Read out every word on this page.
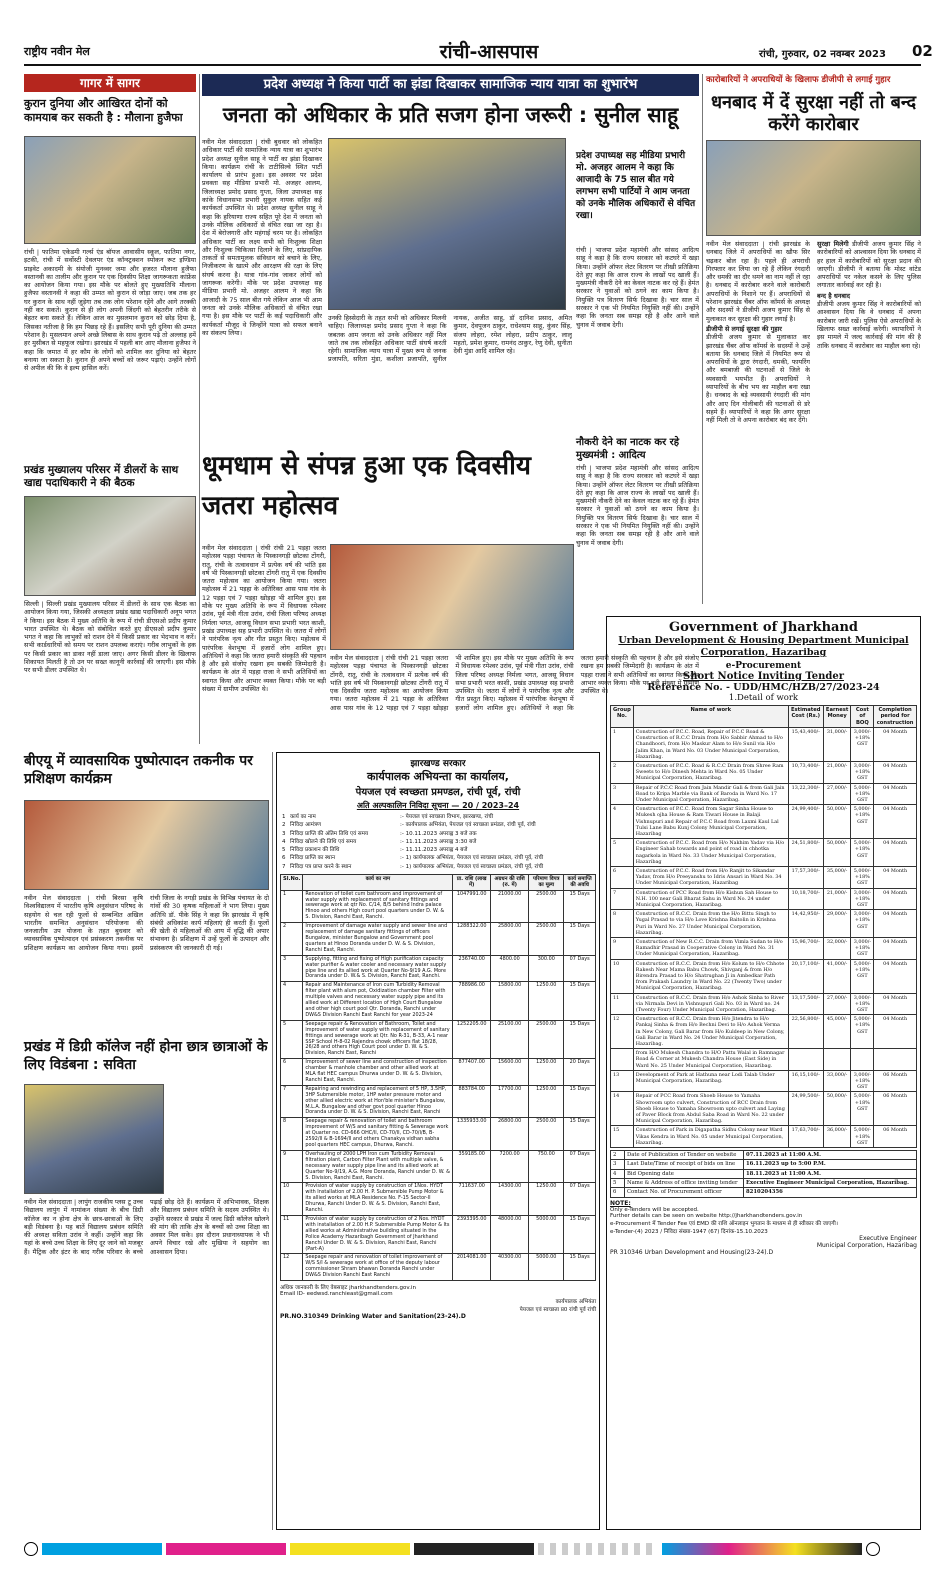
राष्ट्रीय नवीन मेल	रांची-आसपास	रांची, गुरुवार, 02 नवम्बर 2023 02
गागर में सागर
कुरान दुनिया और आखिरत दोनों को कामयाब कर सकती है : मौलाना हुजैफा
रांची | फातिमा एकेडमी गर्ल्स एंड बॉयज आवासीय स्कूल, फातिमा नगर, इटकी, रांची में सर्वोस्टी देवलपर एंड कॉन्स्ट्रक्शन स्पोकन रूट इण्डिया प्राइवेट अकादमी के संयोजी मुनव्वर जमा और हजरत मौलाना हुजैफा वस्तानवी का तालीम और कुरान पर एक दिवसीय शिक्षा जागरूकता कांफ्रेंस का आयोजन किया गया। इस मौके पर बोलते हुए मुख्यातिथि मौलाना हुजैफा वस्तानवी ने कहा की उम्मत को कुरान से जोड़ा जाए। जब तक हर घर कुरान के साथ नहीं जुड़ेगा तब तक लोग परेशान रहेंगे और आगे तरक्की नहीं कर सकते। कुरान से ही लोग अपनी जिंदगी को बेहतरीन तरीके से बेहतर बना सकते हैं। लेकिन आज का मुसलमान कुरान को छोड़ दिया है, जिसका नतीजा है कि हम पिछड़ रहे हैं। इसलिए सभी पूरी दुनिया की उम्मत परेशान है। मुसलमान अपने अच्छे लिबास के साथ कुरान पढ़े तो अल्लाह हमें हर मुसीबत से महफूज रखेगा। झारखंड में पहली बार आए मौलाना हुजैफा ने कहा कि जमात में हर कौम के लोगों को शामिल कर दुनिया को बेहतर बनाया जा सकता है। कुरान ही अपने बच्चों को जरूर पढ़ाएं। उन्होंने लोगों से अपील की कि वे इल्म हासिल करें।
प्रखंड मुख्यालय परिसर में डीलरों के साथ खाद्य पदाधिकारी ने की बैठक
सिल्ली | सिल्ली प्रखंड मुख्यालय परिसर में डीलरों के साथ एक बैठक का आयोजन किया गया, जिसकी अध्यक्षता प्रखंड खाद्य पदाधिकारी अनूप भगत ने किया। इस बैठक में मुख्य अतिथि के रूप में रांची डीएसओ प्रदीप कुमार भारत उपस्थित थे। बैठक को संबोधित करते हुए डीएसओ प्रदीप कुमार भगत ने कहा कि लाभुकों को राशन देने में किसी प्रकार का भेदभाव न करें। सभी कार्डधारियों को समय पर राशन उपलब्ध कराएं। गरीब लाभुकों के हक पर किसी प्रकार का डाका नहीं डाला जाए। अगर किसी डीलर के खिलाफ शिकायत मिलती है तो उन पर सख्त कानूनी कार्रवाई की जाएगी। इस मौके पर सभी डीलर उपस्थित थे।
बीएयू में व्यावसायिक पुष्पोत्पादन तकनीक पर प्रशिक्षण कार्यक्रम
नवीन मेल संवाददाता | रांची बिरसा कृषि विश्वविद्यालय में भारतीय कृषि अनुसंधान परिषद के सहयोग से चल रही फूलों से सम्बन्धित अखिल भारतीय समन्वित अनुसंधान परियोजना की जनजातीय उप योजना के तहत बुधवार को व्यावसायिक पुष्पोत्पादन एवं प्रसंस्करण तकनीक पर प्रशिक्षण कार्यक्रम का आयोजन किया गया। इसमें रांची जिला के नगड़ी प्रखंड के विभिन्न पंचायत के दो गांवों की 30 कृषक महिलाओं ने भाग लिया। मुख्य अतिथि डॉ. पीके सिंह ने कहा कि झारखंड में कृषि संबंधी अधिकांश कार्य महिलाएं ही करती हैं। फूलों की खेती से महिलाओं की आय में वृद्धि की अपार संभावना है। प्रशिक्षण में उन्हें फूलों के उत्पादन और प्रसंस्करण की जानकारी दी गई।
प्रखंड में डिग्री कॉलेज नहीं होना छात्र छात्राओं के लिए विडंबना : सविता
नवीन मेल संवाददाता | लापुंग राजकीय प्लस टू उच्च विद्यालय लापुंग में नामांकन संख्या के बीच डिग्री कॉलेज का न होना क्षेत्र के छात्र-छात्राओं के लिए बड़ी विडंबना है। यह बातें विद्यालय प्रबंधन समिति की अध्यक्ष सविता उरांव ने कहीं। उन्होंने कहा कि यहां के बच्चे उच्च शिक्षा के लिए दूर जाने को मजबूर हैं। मैट्रिक और इंटर के बाद गरीब परिवार के बच्चे पढ़ाई छोड़ देते हैं। कार्यक्रम में अभिभावक, शिक्षक और विद्यालय प्रबंधन समिति के सदस्य उपस्थित थे। उन्होंने सरकार से प्रखंड में जल्द डिग्री कॉलेज खोलने की मांग की ताकि क्षेत्र के बच्चों को उच्च शिक्षा का अवसर मिल सके। इस दौरान प्रधानाध्यापक ने भी अपने विचार रखे और मुखिया ने सहयोग का आश्वासन दिया।
प्रदेश अध्यक्ष ने किया पार्टी का झंडा दिखाकर सामाजिक न्याय यात्रा का शुभारंभ
जनता को अधिकार के प्रति सजग होना जरूरी : सुनील साहू
नवीन मेल संवाददाता | रांची बुधवार को लोकहित अधिकार पार्टी की सामाजिक न्याय यात्रा का शुभारंभ प्रदेश अध्यक्ष सुनील साहू ने पार्टी का झंडा दिखाकर किया। कार्यक्रम रांची के टाटीसिल्वे स्थित पार्टी कार्यालय से प्रारंभ हुआ। इस अवसर पर प्रदेश प्रवक्ता सह मीडिया प्रभारी मो. अजहर आलम, जिलाध्यक्ष प्रमोद प्रसाद गुप्ता, जिला उपाध्यक्ष सह कांके विधानसभा प्रभारी सुकुल नायक सहित कई कार्यकर्ता उपस्थित थे। प्रदेश अध्यक्ष सुनील साहू ने कहा कि हरियाणा राज्य सहित पूरे देश में जनता को उनके मौलिक अधिकारों से वंचित रखा जा रहा है। देश में बेरोजगारी और महंगाई चरम पर है। लोकहित अधिकार पार्टी का लक्ष्य सभी को निःशुल्क शिक्षा और निःशुल्क चिकित्सा दिलाने के लिए, सांप्रदायिक ताकतों से समतामूलक संविधान को बचाने के लिए, निजीकरण के खात्मे और आरक्षण की रक्षा के लिए संघर्ष करना है। यात्रा गांव-गांव जाकर लोगों को जागरूक करेगी। मौके पर प्रदेश उपाध्यक्ष सह मीडिया प्रभारी मो. अजहर आलम ने कहा कि आजादी के 75 साल बीत गये लेकिन आज भी आम जनता को उनके मौलिक अधिकारों से वंचित रखा गया है। इस मौके पर पार्टी के कई पदाधिकारी और कार्यकर्ता मौजूद थे जिन्होंने यात्रा को सफल बनाने का संकल्प लिया।
उनकी हिस्सेदारी के तहत सभी को अधिकार मिलनी चाहिए। जिलाध्यक्ष प्रमोद प्रसाद गुप्ता ने कहा कि जबतक आम जनता को उनके अधिकार नहीं मिल जाते तब तक लोकहित अधिकार पार्टी संघर्ष करती रहेगी। सामाजिक न्याय यात्रा में मुख्य रूप से जनक प्रजापति, सरिता मुंडा, कशीला प्रजापति, सुनील नायक, अजीत साहू, डॉ दानिश प्रसाद, अमित कुमार, देवपूजन ठाकुर, राधेश्याम साहू, कुंवर सिंह, संजय लोहरा, रमेश लोहरा, प्रदीप ठाकुर, लालू महतो, प्रमेश कुमार, रामनंद ठाकुर, रेणु देवी, सुनीता देवी मुंडा आदि शामिल रहे।
प्रदेश उपाध्यक्ष सह मीडिया प्रभारी मो. अजहर आलम ने कहा कि आजादी के 75 साल बीत गये लगभग सभी पार्टियों ने आम जनता को उनके मौलिक अधिकारों से वंचित रखा।
रांची | भाजपा प्रदेश महामंत्री और सांसद आदित्य साहू ने कहा है कि राज्य सरकार को कटघरे में खड़ा किया। उन्होंने ऑफर लेटर वितरण पर तीखी प्रतिक्रिया देते हुए कहा कि आज राज्य के लाखों पद खाली हैं। मुख्यमंत्री नौकरी देने का केवल नाटक कर रहे हैं। हेमंत सरकार ने युवाओं को ठगने का काम किया है। नियुक्ति पत्र वितरण सिर्फ दिखावा है। चार साल में सरकार ने एक भी नियमित नियुक्ति नहीं की। उन्होंने कहा कि जनता सब समझ रही है और आने वाले चुनाव में जवाब देगी।
नौकरी देने का नाटक कर रहे मुख्यमंत्री : आदित्य
रांची | भाजपा प्रदेश महामंत्री और सांसद आदित्य साहू ने कहा है कि राज्य सरकार को कटघरे में खड़ा किया। उन्होंने ऑफर लेटर वितरण पर तीखी प्रतिक्रिया देते हुए कहा कि आज राज्य के लाखों पद खाली हैं। मुख्यमंत्री नौकरी देने का केवल नाटक कर रहे हैं। हेमंत सरकार ने युवाओं को ठगने का काम किया है। नियुक्ति पत्र वितरण सिर्फ दिखावा है। चार साल में सरकार ने एक भी नियमित नियुक्ति नहीं की। उन्होंने कहा कि जनता सब समझ रही है और आने वाले चुनाव में जवाब देगी।
धूमधाम से संपन्न हुआ एक दिवसीय जतरा महोत्सव
नवीन मेल संवाददाता | रांची रांची 21 पड़हा जतरा महोत्सव पड़हा पंचायत के पिस्कानगड़ी छोटका टोंगरी, रातू, रांची के तत्वावधान में प्रत्येक वर्ष की भांति इस वर्ष भी पिस्कानगड़ी छोटका टोंगरी रातू में एक दिवसीय जतरा महोत्सव का आयोजन किया गया। जतरा महोत्सव में 21 पड़हा के अतिरिक्त आस पास गांव के 12 पड़हा एवं 7 पड़हा खोड़हा भी शामिल हुए। इस मौके पर मुख्य अतिथि के रूप में विधायक रमेश्वर उरांव, पूर्व मंत्री गीता उरांव, रांची जिला परिषद अध्यक्ष निर्मला भगत, आजसू विधान सभा प्रभारी भरत काशी, प्रखंड उपाध्यक्ष सह प्रभारी उपस्थित थे। जतरा में लोगों ने पारंपरिक नृत्य और गीत प्रस्तुत किए। महोत्सव में पारंपरिक वेशभूषा में हजारों लोग शामिल हुए। अतिथियों ने कहा कि जतरा हमारी संस्कृति की पहचान है और इसे संजोए रखना हम सबकी जिम्मेदारी है। कार्यक्रम के अंत में पड़हा राजा ने सभी अतिथियों का स्वागत किया और आभार व्यक्त किया। मौके पर बड़ी संख्या में ग्रामीण उपस्थित थे।
नवीन मेल संवाददाता | रांची रांची 21 पड़हा जतरा महोत्सव पड़हा पंचायत के पिस्कानगड़ी छोटका टोंगरी, रातू, रांची के तत्वावधान में प्रत्येक वर्ष की भांति इस वर्ष भी पिस्कानगड़ी छोटका टोंगरी रातू में एक दिवसीय जतरा महोत्सव का आयोजन किया गया। जतरा महोत्सव में 21 पड़हा के अतिरिक्त आस पास गांव के 12 पड़हा एवं 7 पड़हा खोड़हा भी शामिल हुए। इस मौके पर मुख्य अतिथि के रूप में विधायक रमेश्वर उरांव, पूर्व मंत्री गीता उरांव, रांची जिला परिषद अध्यक्ष निर्मला भगत, आजसू विधान सभा प्रभारी भरत काशी, प्रखंड उपाध्यक्ष सह प्रभारी उपस्थित थे। जतरा में लोगों ने पारंपरिक नृत्य और गीत प्रस्तुत किए। महोत्सव में पारंपरिक वेशभूषा में हजारों लोग शामिल हुए। अतिथियों ने कहा कि जतरा हमारी संस्कृति की पहचान है और इसे संजोए रखना हम सबकी जिम्मेदारी है। कार्यक्रम के अंत में पड़हा राजा ने सभी अतिथियों का स्वागत किया और आभार व्यक्त किया। मौके पर बड़ी संख्या में ग्रामीण उपस्थित थे।
कारोबारियों ने अपराधियों के खिलाफ डीजीपी से लगाई गुहार
धनबाद में दें सुरक्षा नहीं तो बन्द करेंगे कारोबार
नवीन मेल संवाददाता | रांची झारखंड के धनबाद जिले में अपराधियों का खौफ सिर चढ़कर बोल रहा है। पहले ही अपराधी गिरफ्तार कर लिया जा रहे हैं लेकिन रंगदारी और धमकी का दौर थमने का नाम नहीं ले रहा है। धनबाद में कारोबार करने वाले कारोबारी अपराधियों के निशाने पर हैं। अपराधियों से परेशान झारखंड चैंबर ऑफ कॉमर्स के अध्यक्ष और सदस्यों ने डीजीपी अजय कुमार सिंह से मुलाकात कर सुरक्षा की गुहार लगाई है।
डीजीपी से लगाई सुरक्षा की गुहार
डीजीपी अजय कुमार से मुलाकात कर झारखंड चैंबर ऑफ कॉमर्स के सदस्यों ने उन्हें बताया कि धनबाद जिले में नियमित रूप से अपराधियों के द्वारा रंगदारी, धमकी, फायरिंग और बमबाजी की घटनाओं से जिले के व्यवसायी भयभीत हैं। अपराधियों ने व्यापारियों के बीच भय का माहौल बना रखा है। धनबाद के बड़े व्यवसायी रंगदारी की मांग और आए दिन गोलीबारी की घटनाओं से डरे सहमे हैं। व्यापारियों ने कहा कि अगर सुरक्षा नहीं मिली तो वे अपना कारोबार बंद कर देंगे।
सुरक्षा मिलेगी डीजीपी अजय कुमार सिंह ने कारोबारियों को आश्वासन दिया कि धनबाद में हर हाल में कारोबारियों को सुरक्षा प्रदान की जाएगी। डीजीपी ने बताया कि मोस्ट वांटेड अपराधियों पर नकेल कसने के लिए पुलिस लगातार कार्रवाई कर रही है।
बन्द है धनबाद
डीजीपी अजय कुमार सिंह ने कारोबारियों को आश्वासन दिया कि वे धनबाद में अपना कारोबार जारी रखें। पुलिस ऐसे अपराधियों के खिलाफ सख्त कार्रवाई करेगी। व्यापारियों ने इस मामले में जल्द कार्रवाई की मांग की है ताकि धनबाद में कारोबार का माहौल बना रहे।
झारखण्ड सरकार
कार्यपालक अभियन्ता का कार्यालय,
पेयजल एवं स्वच्छता प्रमण्डल, रांची पूर्व, रांची
अति अल्पकालिन निविदा सूचना — 20 / 2023–24
1	कार्य का नाम	:- पेयजल एवं स्वच्छता विभाग, झारखण्ड, रांची
2	निविदा आमंत्रण	:- कार्यपालक अभियंता, पेयजल एवं स्वच्छता प्रमंडल, रांची पूर्व, रांची
3	निविदा प्राप्ति की अंतिम तिथि एवं समय	:- 10.11.2023 अपराह्न 3 बजे तक
4	निविदा खोलने की तिथि एवं समय	:- 11.11.2023 अपराह्न 3:30 बजे
5	निविदा प्रकाशन की तिथि	:- 11.11.2023 अपराह्न 4 बजे
6	निविदा प्राप्ति का स्थान	:- 1) कार्यपालक अभियंता, पेयजल एवं स्वच्छता प्रमंडल, रांची पूर्व, रांची
7	निविदा पत्र प्राप्त करने के स्थान	:- 1) कार्यपालक अभियंता, पेयजल एवं स्वच्छता प्रमंडल, रांची पूर्व, रांची
Sl.No.	कार्य का नाम	प्रा. राशि (लाख में)	अग्रधन की राशि (रु. में)	परिमाण विपत्र का मूल्य	कार्य समाप्ति की अवधि
1	Renovation of toilet cum bathroom and improvement of water supply with replacement of sanitary fittings and sewerage work at qtr No. C/14, B/5 behind Indra palace Hinoo and others High court pool quarters under D. W. & S. Division, Ranchi East, Ranchi.	1047991.00	21000.00	2500.00	15 Days
2	Improvement of damage water supply and sewer line and replacement of damage sanitary fittings of officers Bungalow, minister Bungalow and Government pool quarters at Hinoo Doranda under D. W. & S. Division, Ranchi East, Ranchi.	1288322.00	25800.00	2500.00	15 Days
3	Supplying, fitting and fixing of High purification capacity water purifier & water cooler and necessary water supply pipe line and its allied work at Quarter No-9/19 A.G. More Doranda under D. W.& S. Division, Ranchi East, Ranchi.	236740.00	4800.00	300.00	07 Days
4	Repair and Maintenance of Iron cum Turbidity Removal filter plant with alum pot, Oxidization chamber Filter with multiple valves and necessary water supply pipe and its allied work at Different location of High Court Bungalow and other high court pool Qtr. Doranda, Ranchi under DW&S Division Ranchi East Ranchi for year 2023-24	788986.00	15800.00	1250.00	15 Days
5	Seepage repair & Renovation of Bathroom, Toilet and improvement of water supply with replacement of sanitary fittings and sewerage work at Qtr. No R-31, B-33, A-1 near SSP School H-8-02 Rajendra chowk officers flat 18/28, 26/28 and others High Court pool under D. W. & S. Division, Ranchi East, Ranchi	1252205.00	25100.00	2500.00	15 Days
6	Improvement of sewer line and construction of inspection chamber & manhole chamber and other allied work at MLA flat HEC campus Dhurwa under D. W. & S. Division, Ranchi East, Ranchi.	877407.00	15600.00	1250.00	20 Days
7	Repairing and rewinding and replacement of 5 HP, 3.5HP, 3HP Submersible motor, 1HP water pressure motor and other allied electric work at Hon'ble minister's Bungalow, M.L.A. Bungalow and other govt pool quarter Hinoo Doranda under D. W. & S. Division, Ranchi East, Ranchi	883784.00	17700.00	1250.00	15 Days
8	Seepage repair & renovation of toilet and bathroom improvement of W/S and sanitary fitting & Sewerage work at Quarter no. CD-666 OHC/II, CD-70/II, CD-70/I/B, B-2592/II & B-1694/II and others Chanakya vidhan sabha pool quarters HEC campus, Dhurwa, Ranchi.	1335933.00	26800.00	2500.00	15 Days
9	Overhauling of 2000 LPH Iron cum Turbidity Removal filtration plant, Carbon Filter Plant with multiple valve, & necessary water supply pipe line and its allied work at Quarter No-9/19, A.G. More Doranda, Ranchi under D. W. & S. Division, Ranchi East, Ranchi.	359185.00	7200.00	750.00	07 Days
10	Provision of water supply by construction of 1Nos. HYDT with Installation of 2.00 H. P. Submersible Pump Motor & its allied works at MLA Residence No. F-15 Sector-II Dhurwa, Ranchi Under D. W. & S. Division, Ranchi East, Ranchi.	711637.00	14300.00	1250.00	07 Days
11	Provision of water supply by construction of 2 Nos. HYDT with installation of 2.00 H.P. Submersible Pump Motor & Its allied works at Administrative building situated in the Police Academy Hazaribagh Government of Jharkhand Ranchi Under D. W. & S. Division, Ranchi East, Ranchi (Part-A)	2393395.00	48000.00	5000.00	15 Days
12	Seepage repair and renovation of toilet improvement of W/S S/I & sewerage work at office of the deputy labour commissioner Shram bhawan Doranda Ranchi under DW&S Division Ranchi East Ranchi	2014081.00	40300.00	5000.00	15 Days
अधिक जानकारी के लिए वेबसाइट jharkhandtenders.gov.in
Email ID- eedwsd.ranchieast@gmail.com
कार्यपालक अभियंता
पेयजल एवं स्वच्छता प्र0 रांची पूर्व रांची
PR.NO.310349 Drinking Water and Sanitation(23-24).D
Government of Jharkhand
Urban Development & Housing Department Municipal Corporation, Hazaribag
e-Procurement
Short Notice Inviting Tender
Reference No. - UDD/HMC/HZB/27/2023-24
1.Detail of work
Group No.	Name of work	Estimated Cost (Rs.)	Earnest Money	Cost of BOQ	Completion period for construction
1	Construction of P.C.C. Road, Repair of P.C.C Road & Construction of R.C.C Drain from H/o Sabbir Ahmad to H/o Chandhoori, from H/o Maskur Alam to H/o Sunil via H/o Jalim Khan, in Ward No. 03 Under Municipal Corporation, Hazaribag.	15,43,400/-	31,000/-	3,000/- +18% GST	04 Month
2	Construction of P.C.C. Road & R.C.C Drain from Shree Ram Sweets to H/o Dinesh Mehta in Ward No. 05 Under Municipal Corporation, Hazaribag.	10,73,400/-	21,000/-	3,000/- +18% GST	04 Month
3	Repair of P.C.C Road from Jain Mandir Gali & from Gali Jain Road to Kripa Marble via Bank of Baroda in Ward No. 17 Under Municipal Corporation, Hazaribag.	13,22,300/-	27,000/-	5,000/- +18% GST	04 Month
4	Construction of P.C.C. Road from Sagar Sinha House to Mukesh ojha House & Ram Tiwari House in Balaji Vishnupuri and Repair of P.C.C Road from Laxmi Kaul Lal Tulsi Lane Babu Kunj Colony Municipal Corporation, Hazaribag	24,99,400/-	50,000/-	5,000/- +18% GST	04 Month
5	Construction of P.C.C. Road from H/o Nakhim Yadav via H/o Engineer Sahab towards and point of road in chhotka nagarkola in Ward No. 33 Under Municipal Corporation, Hazaribag	24,51,800/-	50,000/-	5,000/- +18% GST	04 Month
6	Construction of P.C.C. Road from H/o Ranjit to Sikandar Yadav, from H/o Preeyanshu to Idris Ansari in Ward No. 34 Under Municipal Corporation, Hazaribag	17,57,300/-	35,000/-	5,000/- +18% GST	04 Month
7	Construction of PCC Road from H/o Kishun Sah House to N.H. 100 near Gali Bharat Sahu in Ward No. 24 under Municipal Corporation, Hazaribag.	10,18,700/-	21,000/-	3,000/- +18% GST	04 Month
8	Construction of R.C.C. Drain from the H/o Bittu Singh to Yugal Prasad to via H/o Love Krishna Baitolin in Krishna Puri in Ward No. 27 Under Municipal Corporation, Hazaribag.	14,42,950/-	29,000/-	3,000/- +18% GST	04 Month
9	Construction of New R.C.C. Drain from Vimla Sudan to H/o Ramadhir Prasad in Cooperative Colony in Ward No. 31 Under Municipal Corporation, Hazaribag.	15,96,700/-	32,000/-	3,000/- +18% GST	04 Month
10	Construction of R.C.C. Drain from H/o Kolum to H/o Chhote Rakesh Near Mama Babu Chowk, Shivganj & from H/o Birendra Prasad to H/o Shatrughan Ji in Ambedkar Path from Prakash Laundry in Ward No. 22 (Twenty Two) under Municipal Corporation, Hazaribag.	20,17,100/-	41,000/-	5,000/- +18% GST	04 Month
11	Construction of R.C.C. Drain from H/o Ashok Sinha to River via Nirmala Devi in Vishnupuri Gali No. 03 in Ward no. 24 (Twenty Four) Under Municipal Corporation, Hazaribag.	13,17,500/-	27,000/-	3,000/- +18% GST	04 Month
12	Construction of R.C.C. Drain from H/o Jitendra to H/o Pankaj Sinha & from H/o Bechni Devi to H/o Ashok Verma in New Colony, Gali Barar from H/o Kuldeep in New Colony, Gali Barar in Ward No. 24 Under Municipal Corporation, Hazaribag.	22,56,800/-	45,000/-	5,000/- +18% GST	04 Month
	from H/O Mukesh Chandra to H/O Pattu Walal in Ramnagar Road & Corner at Mukesh Chandra House (East Side) in Ward No. 25 Under Municipal Corporation, Hazaribag.				
13	Development of Park at Hathuna near Lodi Talab Under Municipal Corporation, Hazaribag.	16,15,100/-	33,000/-	3,000/- +18% GST	06 Month
14	Repair of PCC Road from Shoeb House to Yamaha Showroom upto culvert, Construction of RCC Drain from Shoeb House to Yamaha Showroom upto culvert and Laying of Paver Block from Abdul Saba Road in Ward No. 22 under Municipal Corporation, Hazaribag.	24,99,500/-	50,000/-	5,000/- +18% GST	06 Month
15	Construction of Park in Digapatha Sidhu Colony near Ward Vikas Kendra in Ward No. 05 under Municipal Corporation, Hazaribag.	17,63,700/-	36,000/-	5,000/- +18% GST	06 Month
2	Date of Publication of Tender on website	07.11.2023 at 11:00 A.M.
3	Last Date/Time of receipt of bids on line	16.11.2023 up to 5:00 P.M.
4	Bid Opening date	18.11.2023 at 11:00 A.M.
5	Name & Address of office inviting tender	Executive Engineer Municipal Corporation, Hazaribag.
6	Contact No. of Procurement officer	8210204356
NOTE:
Only e-Tenders will be accepted.
Further details can be seen on website http://jharkhandtenders.gov.in
e-Procurement में Tender Fee एवं EMD की राशि ऑनलाइन भुगतान के माध्यम से ही स्वीकार की जाएगी।
e-Tender-(4) 2023 / निविदा संख्या-1947 (67) दिनांक-15.10.2023
Executive Engineer
Municipal Corporation, Hazaribag
PR 310346 Urban Development and Housing(23-24).D
